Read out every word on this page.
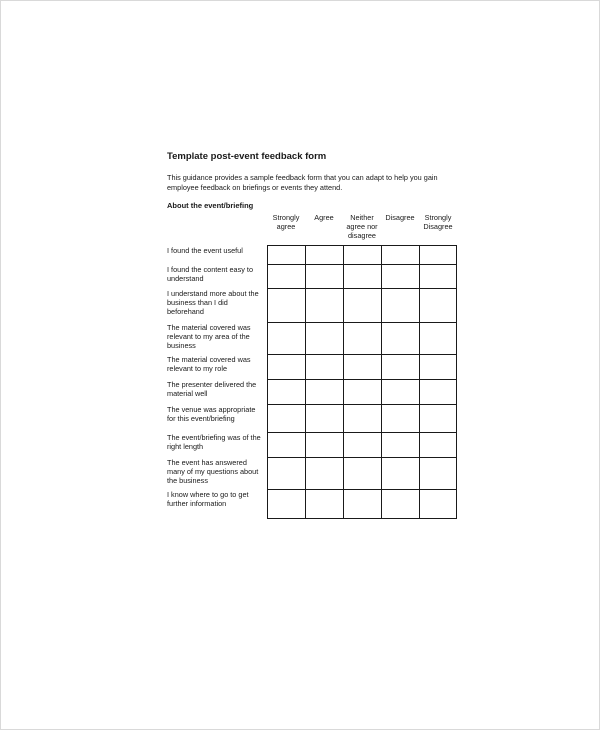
Template post-event feedback form

This guidance provides a sample feedback form that you can adapt to help you gain employee feedback on briefings or events they attend.

About the event/briefing
Strongly agree
Agree	Neither agree nor disagree
Disagree	Strongly Disagree
I found the event useful
I found the content easy to understand
I understand more about the business than I did beforehand
The material covered was relevant to my area of the business
The material covered was relevant to my role
The presenter delivered the material well
The venue was appropriate for this event/briefing
The event/briefing was of the right length
The event has answered many of my questions about the business
I know where to go to get further information
